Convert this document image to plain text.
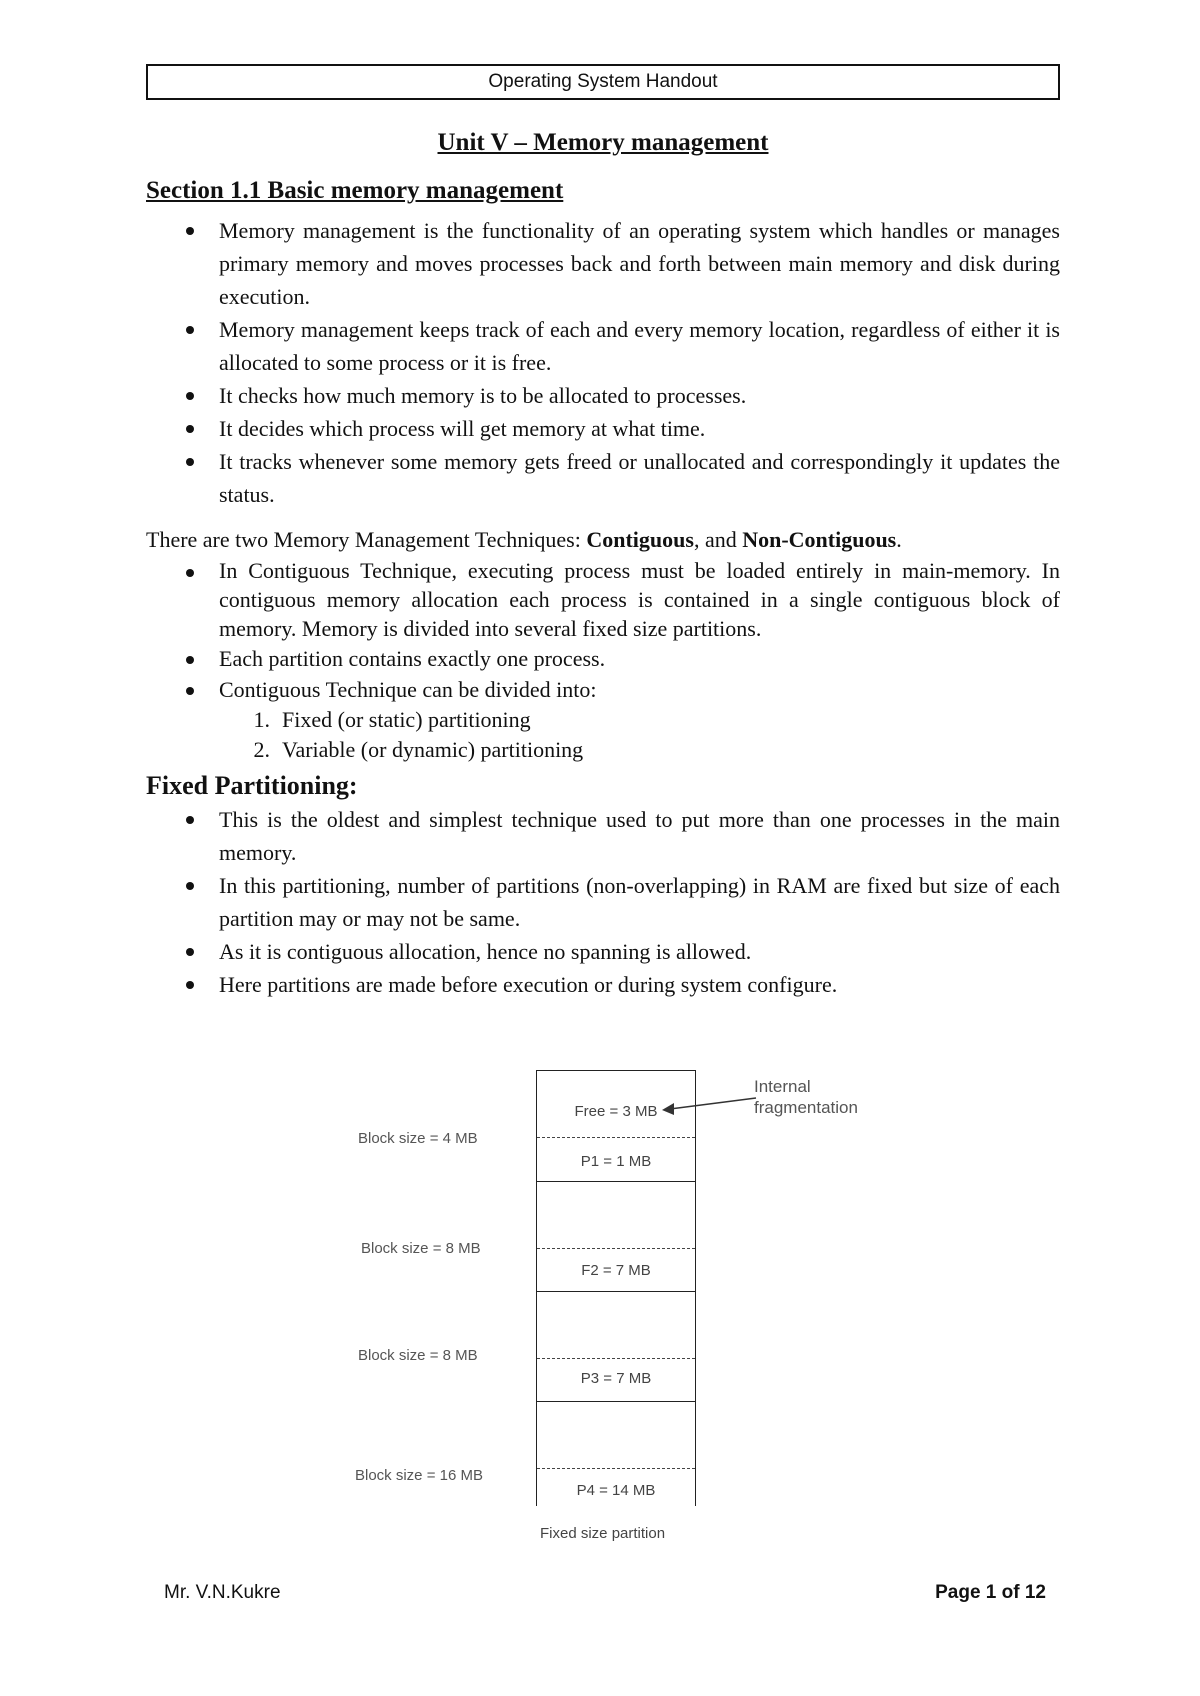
Operating System Handout

Unit V – Memory management

Section 1.1 Basic memory management

Memory management is the functionality of an operating system which handles or manages primary memory and moves processes back and forth between main memory and disk during execution.
Memory management keeps track of each and every memory location, regardless of either it is allocated to some process or it is free.
It checks how much memory is to be allocated to processes.
It decides which process will get memory at what time.
It tracks whenever some memory gets freed or unallocated and correspondingly it updates the status.

There are two Memory Management Techniques: Contiguous, and Non-Contiguous.

In Contiguous Technique, executing process must be loaded entirely in main-memory. In contiguous memory allocation each process is contained in a single contiguous block of memory. Memory is divided into several fixed size partitions.
Each partition contains exactly one process.
Contiguous Technique can be divided into:
1. Fixed (or static) partitioning
2. Variable (or dynamic) partitioning

Fixed Partitioning:

This is the oldest and simplest technique used to put more than one processes in the main memory.
In this partitioning, number of partitions (non-overlapping) in RAM are fixed but size of each partition may or may not be same.
As it is contiguous allocation, hence no spanning is allowed.
Here partitions are made before execution or during system configure.
Block size = 4 MB
Block size = 8 MB
Block size = 8 MB
Block size = 16 MB
Free = 3 MB
P1 = 1 MB
F2 = 7 MB
P3 = 7 MB
P4 = 14 MB
Internal
fragmentation
Fixed size partition
Mr. V.N.Kukre	Page 1 of 12
